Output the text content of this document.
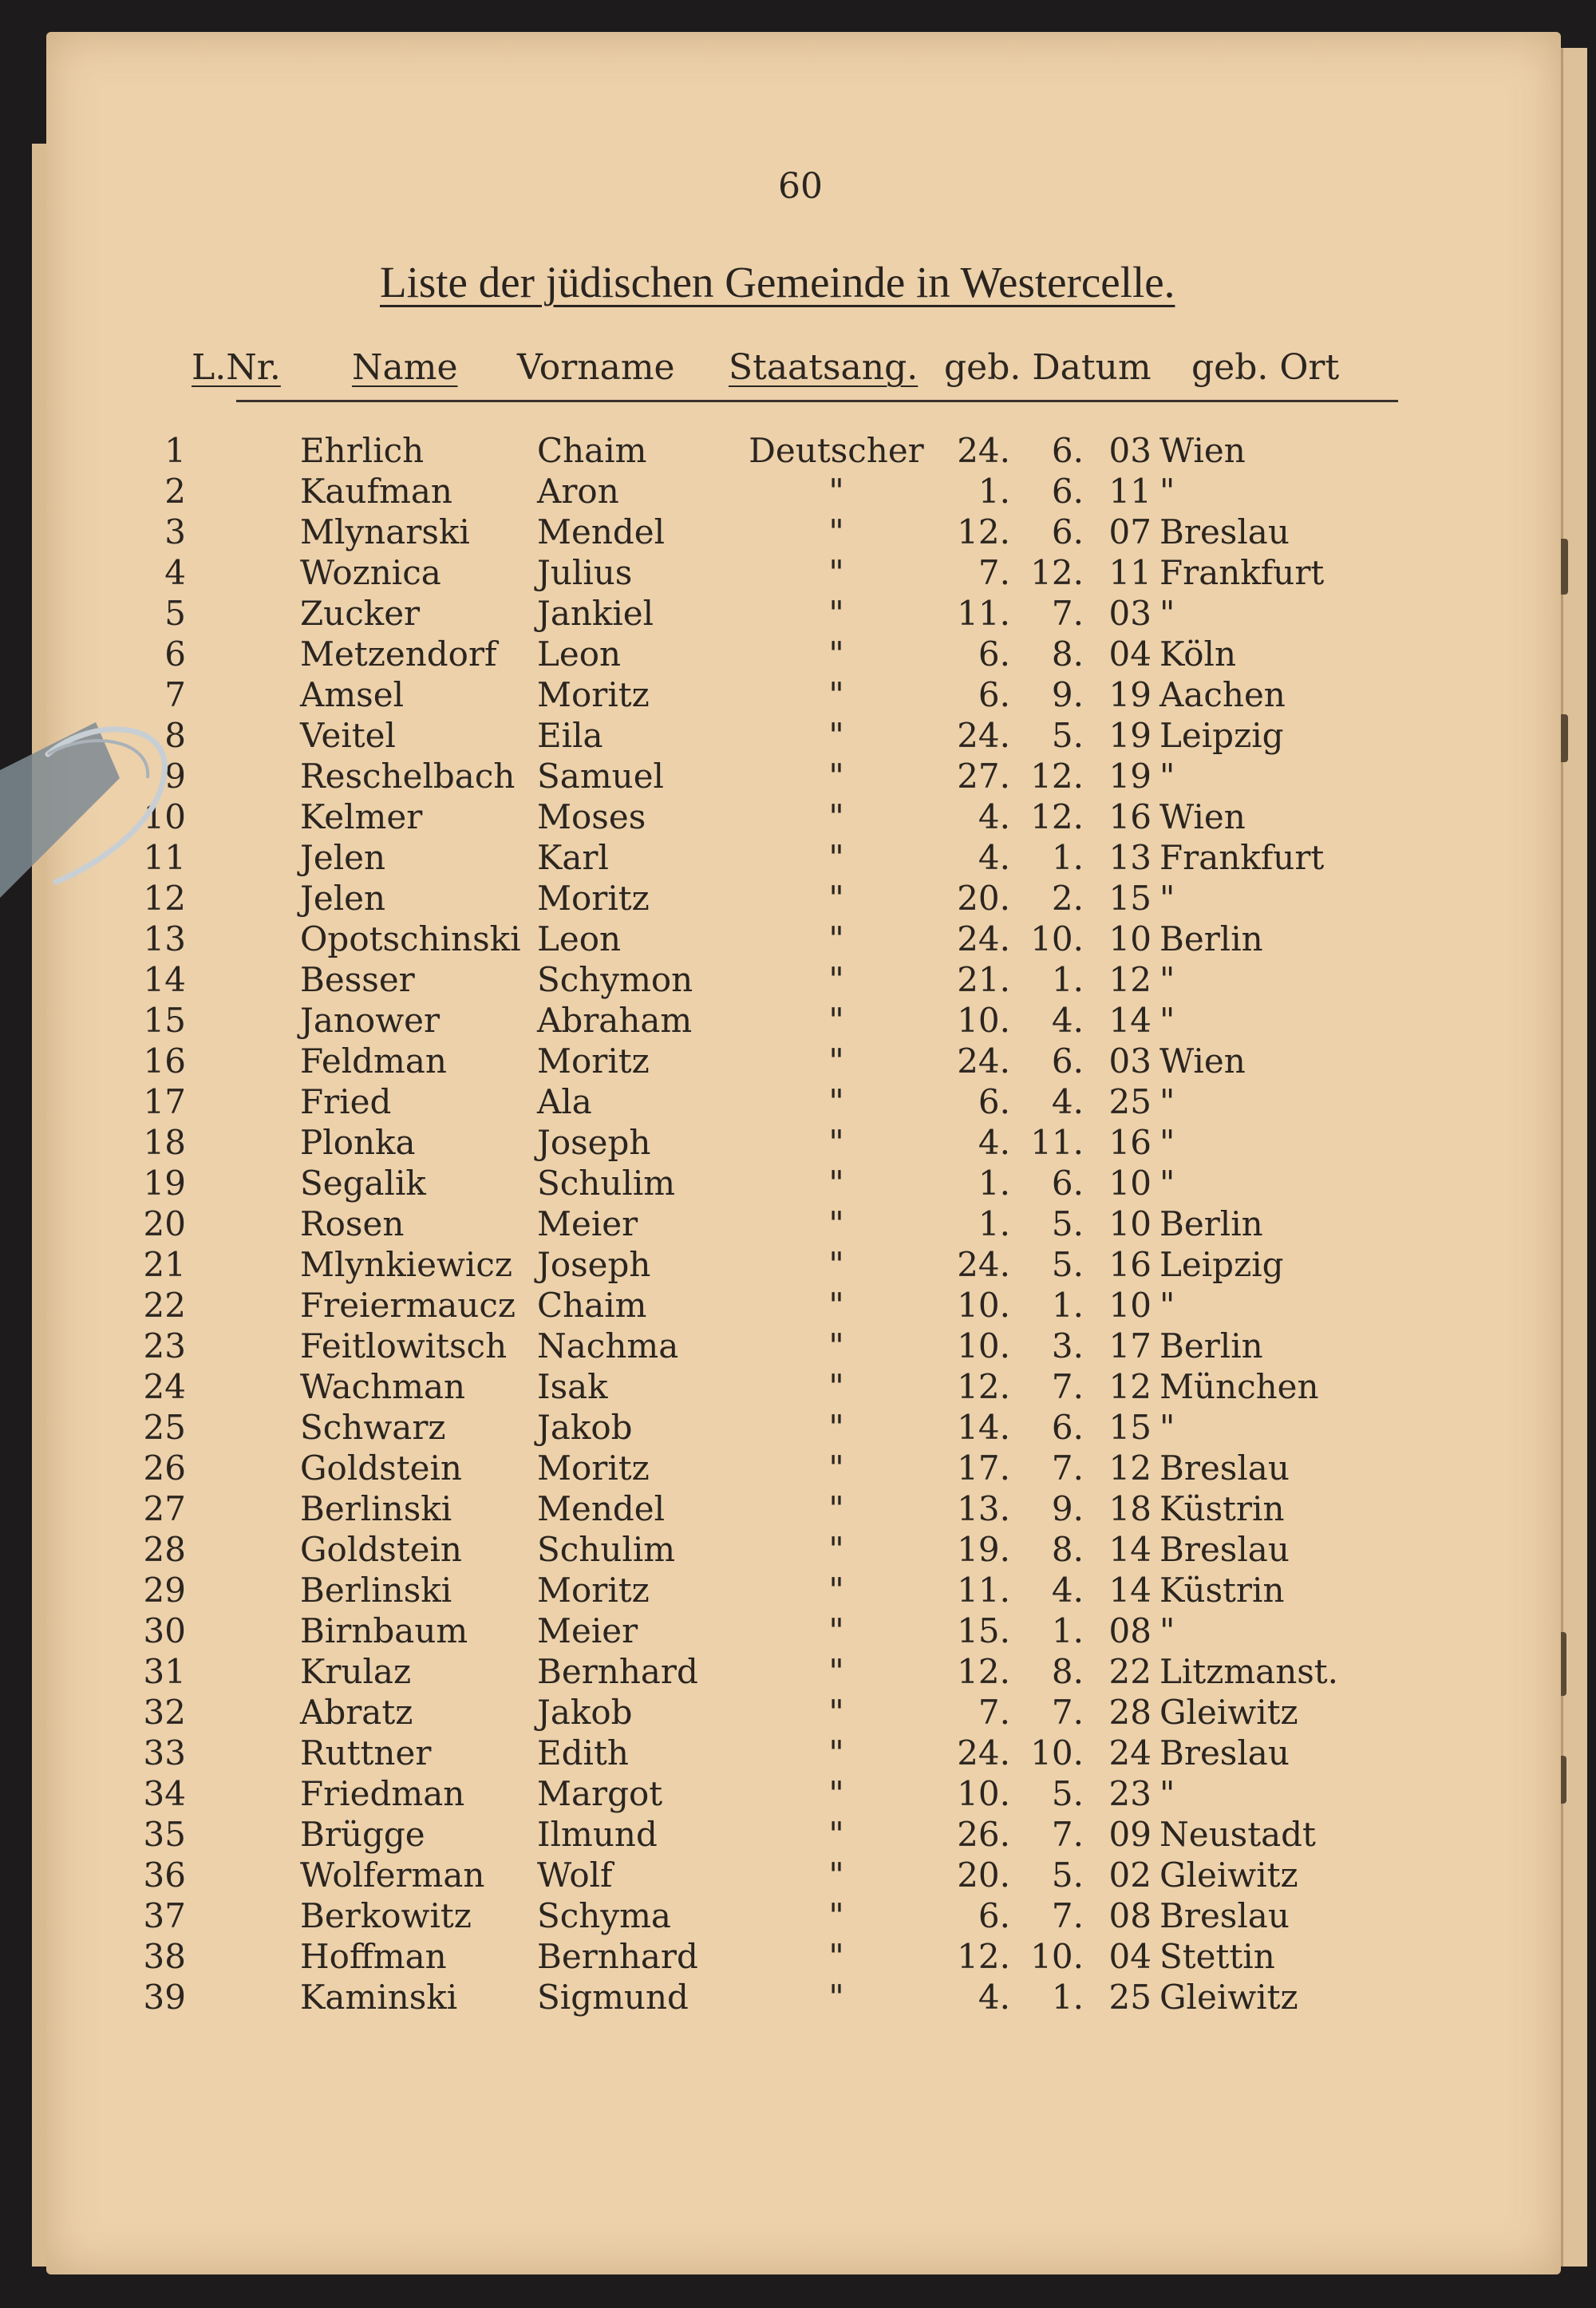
60
Liste der jüdischen Gemeinde in Westercelle.
L.Nr. Name Vorname Staatsang. geb. Datum geb. Ort
1	Ehrlich	Chaim	Deutscher 24.	6. 03 Wien
2	Kaufman	Aron	"	1.	6. 11 "
3	Mlynarski Mendel	"	12.	6. 07 Breslau
4	Woznica	Julius	"	7. 12. 11 Frankfurt
5	Zucker	Jankiel	"	11.	7. 03 "
6	Metzendorf Leon	"	6.	8. 04 Köln
7	Amsel	Moritz	"	6.	9. 19 Aachen
8	Veitel	Eila	"	24.	5. 19 Leipzig
9	Reschelbach Samuel	"	27. 12. 19 "
10	Kelmer	Moses	"	4. 12. 16 Wien
11	Jelen	Karl	"	4.	1. 13 Frankfurt
12	Jelen	Moritz	"	20.	2. 15 "
13	Opotschinski Leon	"	24. 10. 10 Berlin
14	Besser	Schymon	"	21.	1. 12 "
15	Janower	Abraham	"	10.	4. 14 "
16	Feldman	Moritz	"	24.	6. 03 Wien
17	Fried	Ala	"	6.	4. 25 "
18	Plonka	Joseph	"	4. 11. 16 "
19	Segalik	Schulim	"	1.	6. 10 "
20	Rosen	Meier	"	1.	5. 10 Berlin
21	Mlynkiewicz Joseph	"	24.	5. 16 Leipzig
22	Freiermaucz Chaim	"	10.	1. 10 "
23	Feitlowitsch Nachma	"	10.	3. 17 Berlin
24	Wachman Isak	"	12.	7. 12 München
25	Schwarz	Jakob	"	14.	6. 15 "
26	Goldstein Moritz	"	17.	7. 12 Breslau
27	Berlinski	Mendel	"	13.	9. 18 Küstrin
28	Goldstein Schulim	"	19.	8. 14 Breslau
29	Berlinski	Moritz	"	11.	4. 14 Küstrin
30	Birnbaum Meier	"	15.	1. 08 "
31	Krulaz	Bernhard	"	12.	8. 22 Litzmanst.
32	Abratz	Jakob	"	7.	7. 28 Gleiwitz
33	Ruttner	Edith	"	24. 10. 24 Breslau
34	Friedman Margot	"	10.	5. 23 "
35	Brügge	Ilmund	"	26.	7. 09 Neustadt
36	Wolferman Wolf	"	20.	5. 02 Gleiwitz
37	Berkowitz Schyma	"	6.	7. 08 Breslau
38	Hoffman	Bernhard	"	12. 10. 04 Stettin
39	Kaminski Sigmund	"	4.	1. 25 Gleiwitz
